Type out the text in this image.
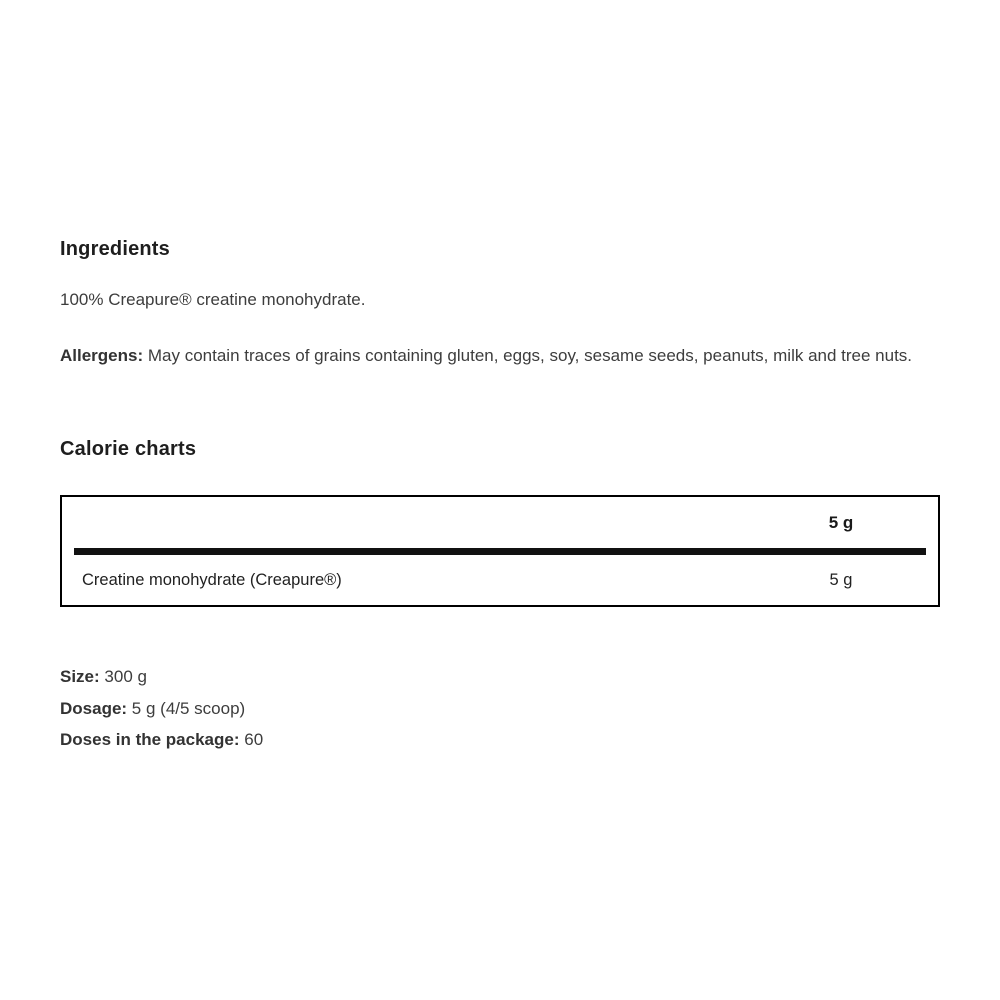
Ingredients

100% Creapure® creatine monohydrate.

Allergens: May contain traces of grains containing gluten, eggs, soy, sesame seeds, peanuts, milk and tree nuts.

Calorie charts
5 g
Creatine monohydrate (Creapure®)	5 g

Size: 300 g

Dosage: 5 g (4/5 scoop)

Doses in the package: 60
